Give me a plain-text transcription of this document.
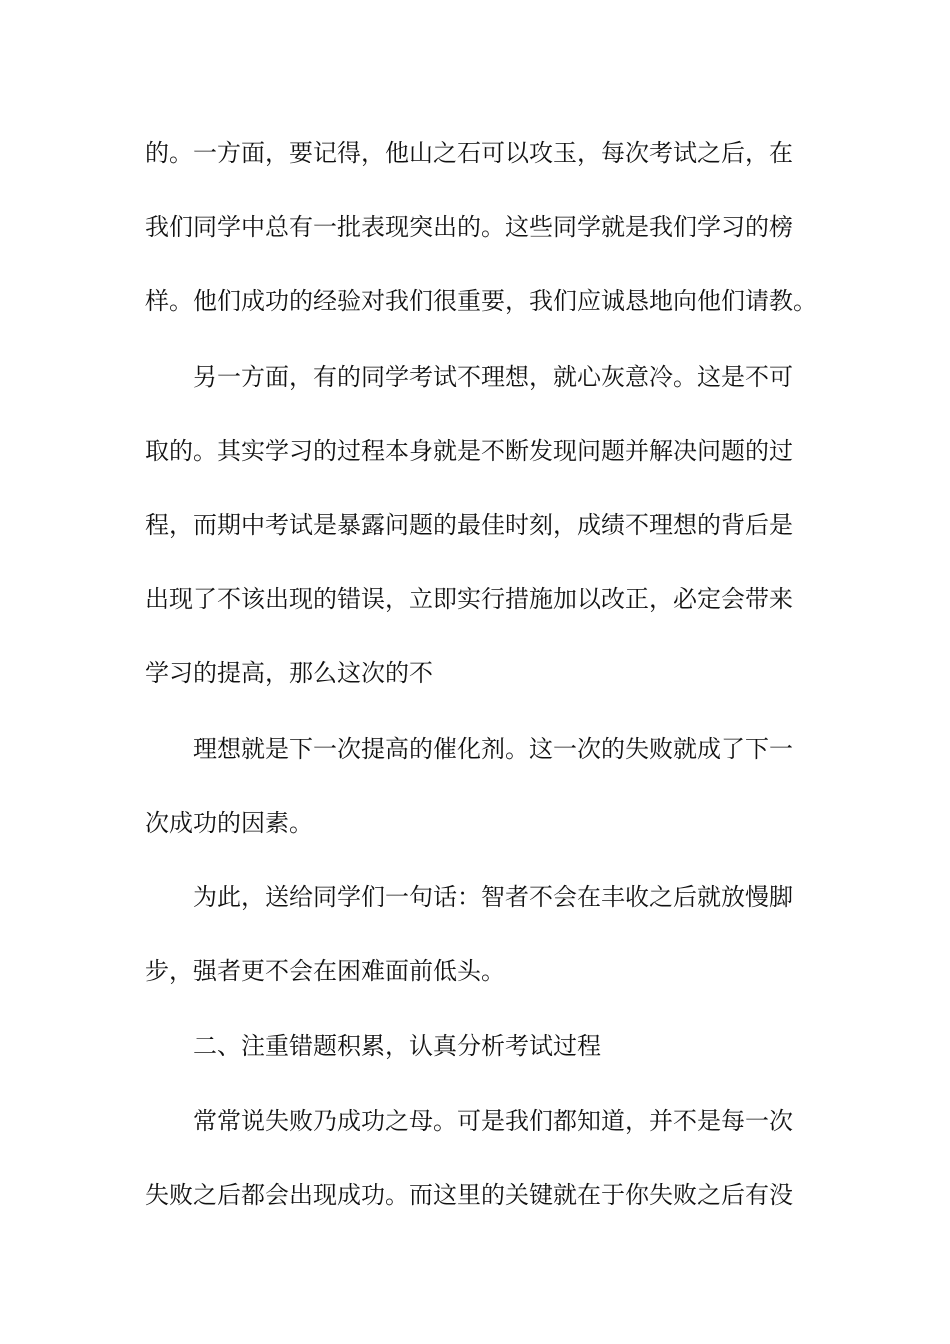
的。一方面，要记得，他山之石可以攻玉，每次考试之后，在
我们同学中总有一批表现突出的。这些同学就是我们学习的榜
样。他们成功的经验对我们很重要，我们应诚恳地向他们请教。
另一方面，有的同学考试不理想，就心灰意冷。这是不可
取的。其实学习的过程本身就是不断发现问题并解决问题的过
程，而期中考试是暴露问题的最佳时刻，成绩不理想的背后是
出现了不该出现的错误，立即实行措施加以改正，必定会带来
学习的提高，那么这次的不
理想就是下一次提高的催化剂。这一次的失败就成了下一
次成功的因素。
为此，送给同学们一句话：智者不会在丰收之后就放慢脚
步，强者更不会在困难面前低头。
二、注重错题积累，认真分析考试过程
常常说失败乃成功之母。可是我们都知道，并不是每一次
失败之后都会出现成功。而这里的关键就在于你失败之后有没
